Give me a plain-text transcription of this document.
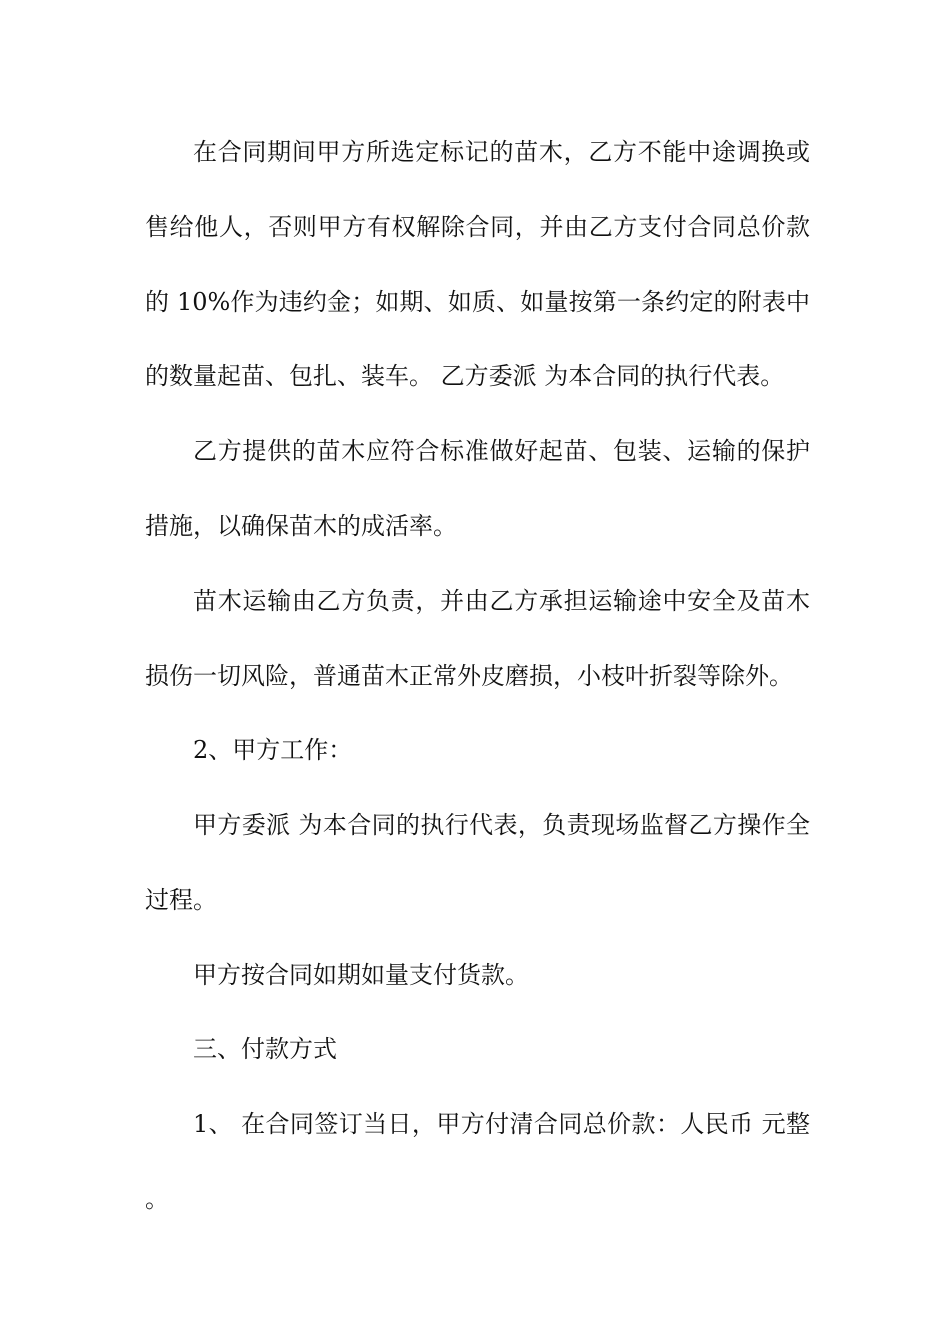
在合同期间甲方所选定标记的苗木，乙方不能中途调换或
售给他人，否则甲方有权解除合同，并由乙方支付合同总价款
的 10%作为违约金；如期、如质、如量按第一条约定的附表中
的数量起苗、包扎、装车。 乙方委派 为本合同的执行代表。
乙方提供的苗木应符合标准做好起苗、包装、运输的保护
措施，以确保苗木的成活率。
苗木运输由乙方负责，并由乙方承担运输途中安全及苗木
损伤一切风险，普通苗木正常外皮磨损，小枝叶折裂等除外。
2、甲方工作：
甲方委派 为本合同的执行代表，负责现场监督乙方操作全
过程。
甲方按合同如期如量支付货款。
三、付款方式
1、 在合同签订当日，甲方付清合同总价款：人民币 元整
。
